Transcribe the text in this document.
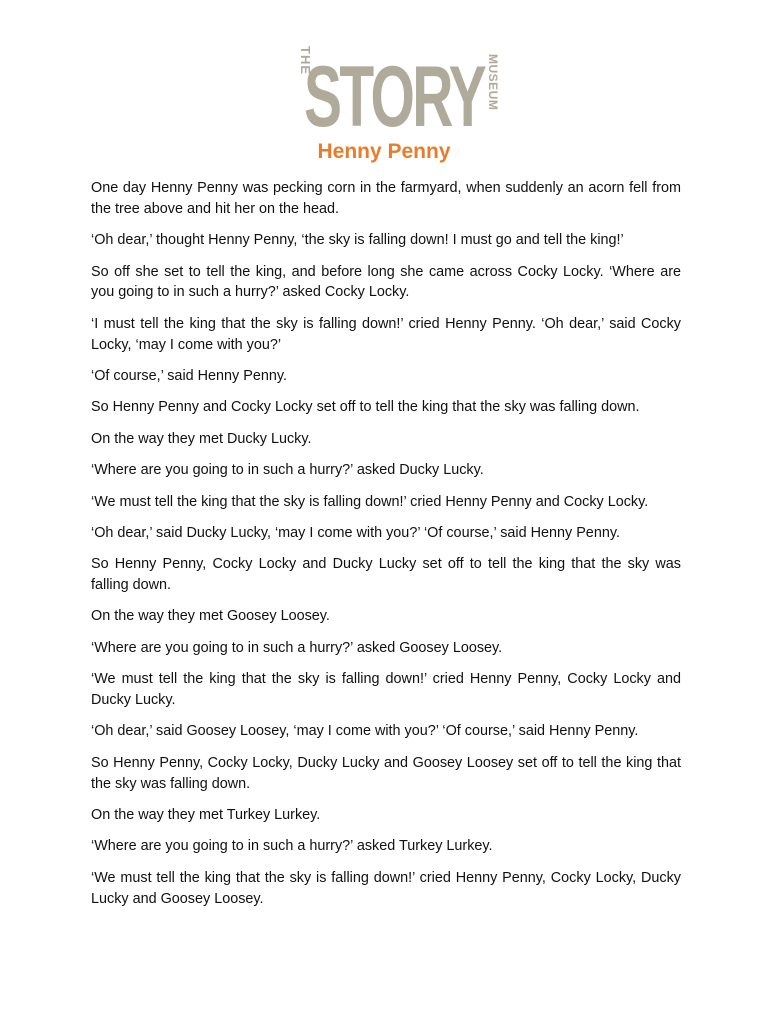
THE
STORY MUSEUM
Henny Penny

One day Henny Penny was pecking corn in the farmyard, when suddenly an acorn fell from the tree above and hit her on the head.

‘Oh dear,’ thought Henny Penny, ‘the sky is falling down! I must go and tell the king!’

So off she set to tell the king, and before long she came across Cocky Locky. ‘Where are you going to in such a hurry?’ asked Cocky Locky.

‘I must tell the king that the sky is falling down!’ cried Henny Penny. ‘Oh dear,’ said Cocky Locky, ‘may I come with you?’

‘Of course,’ said Henny Penny.

So Henny Penny and Cocky Locky set off to tell the king that the sky was falling down.

On the way they met Ducky Lucky.

‘Where are you going to in such a hurry?’ asked Ducky Lucky.

‘We must tell the king that the sky is falling down!’ cried Henny Penny and Cocky Locky.

‘Oh dear,’ said Ducky Lucky, ‘may I come with you?’ ‘Of course,’ said Henny Penny.

So Henny Penny, Cocky Locky and Ducky Lucky set off to tell the king that the sky was falling down.

On the way they met Goosey Loosey.

‘Where are you going to in such a hurry?’ asked Goosey Loosey.

‘We must tell the king that the sky is falling down!’ cried Henny Penny, Cocky Locky and Ducky Lucky.

‘Oh dear,’ said Goosey Loosey, ‘may I come with you?’ ‘Of course,’ said Henny Penny.

So Henny Penny, Cocky Locky, Ducky Lucky and Goosey Loosey set off to tell the king that the sky was falling down.

On the way they met Turkey Lurkey.

‘Where are you going to in such a hurry?’ asked Turkey Lurkey.

‘We must tell the king that the sky is falling down!’ cried Henny Penny, Cocky Locky, Ducky Lucky and Goosey Loosey.
